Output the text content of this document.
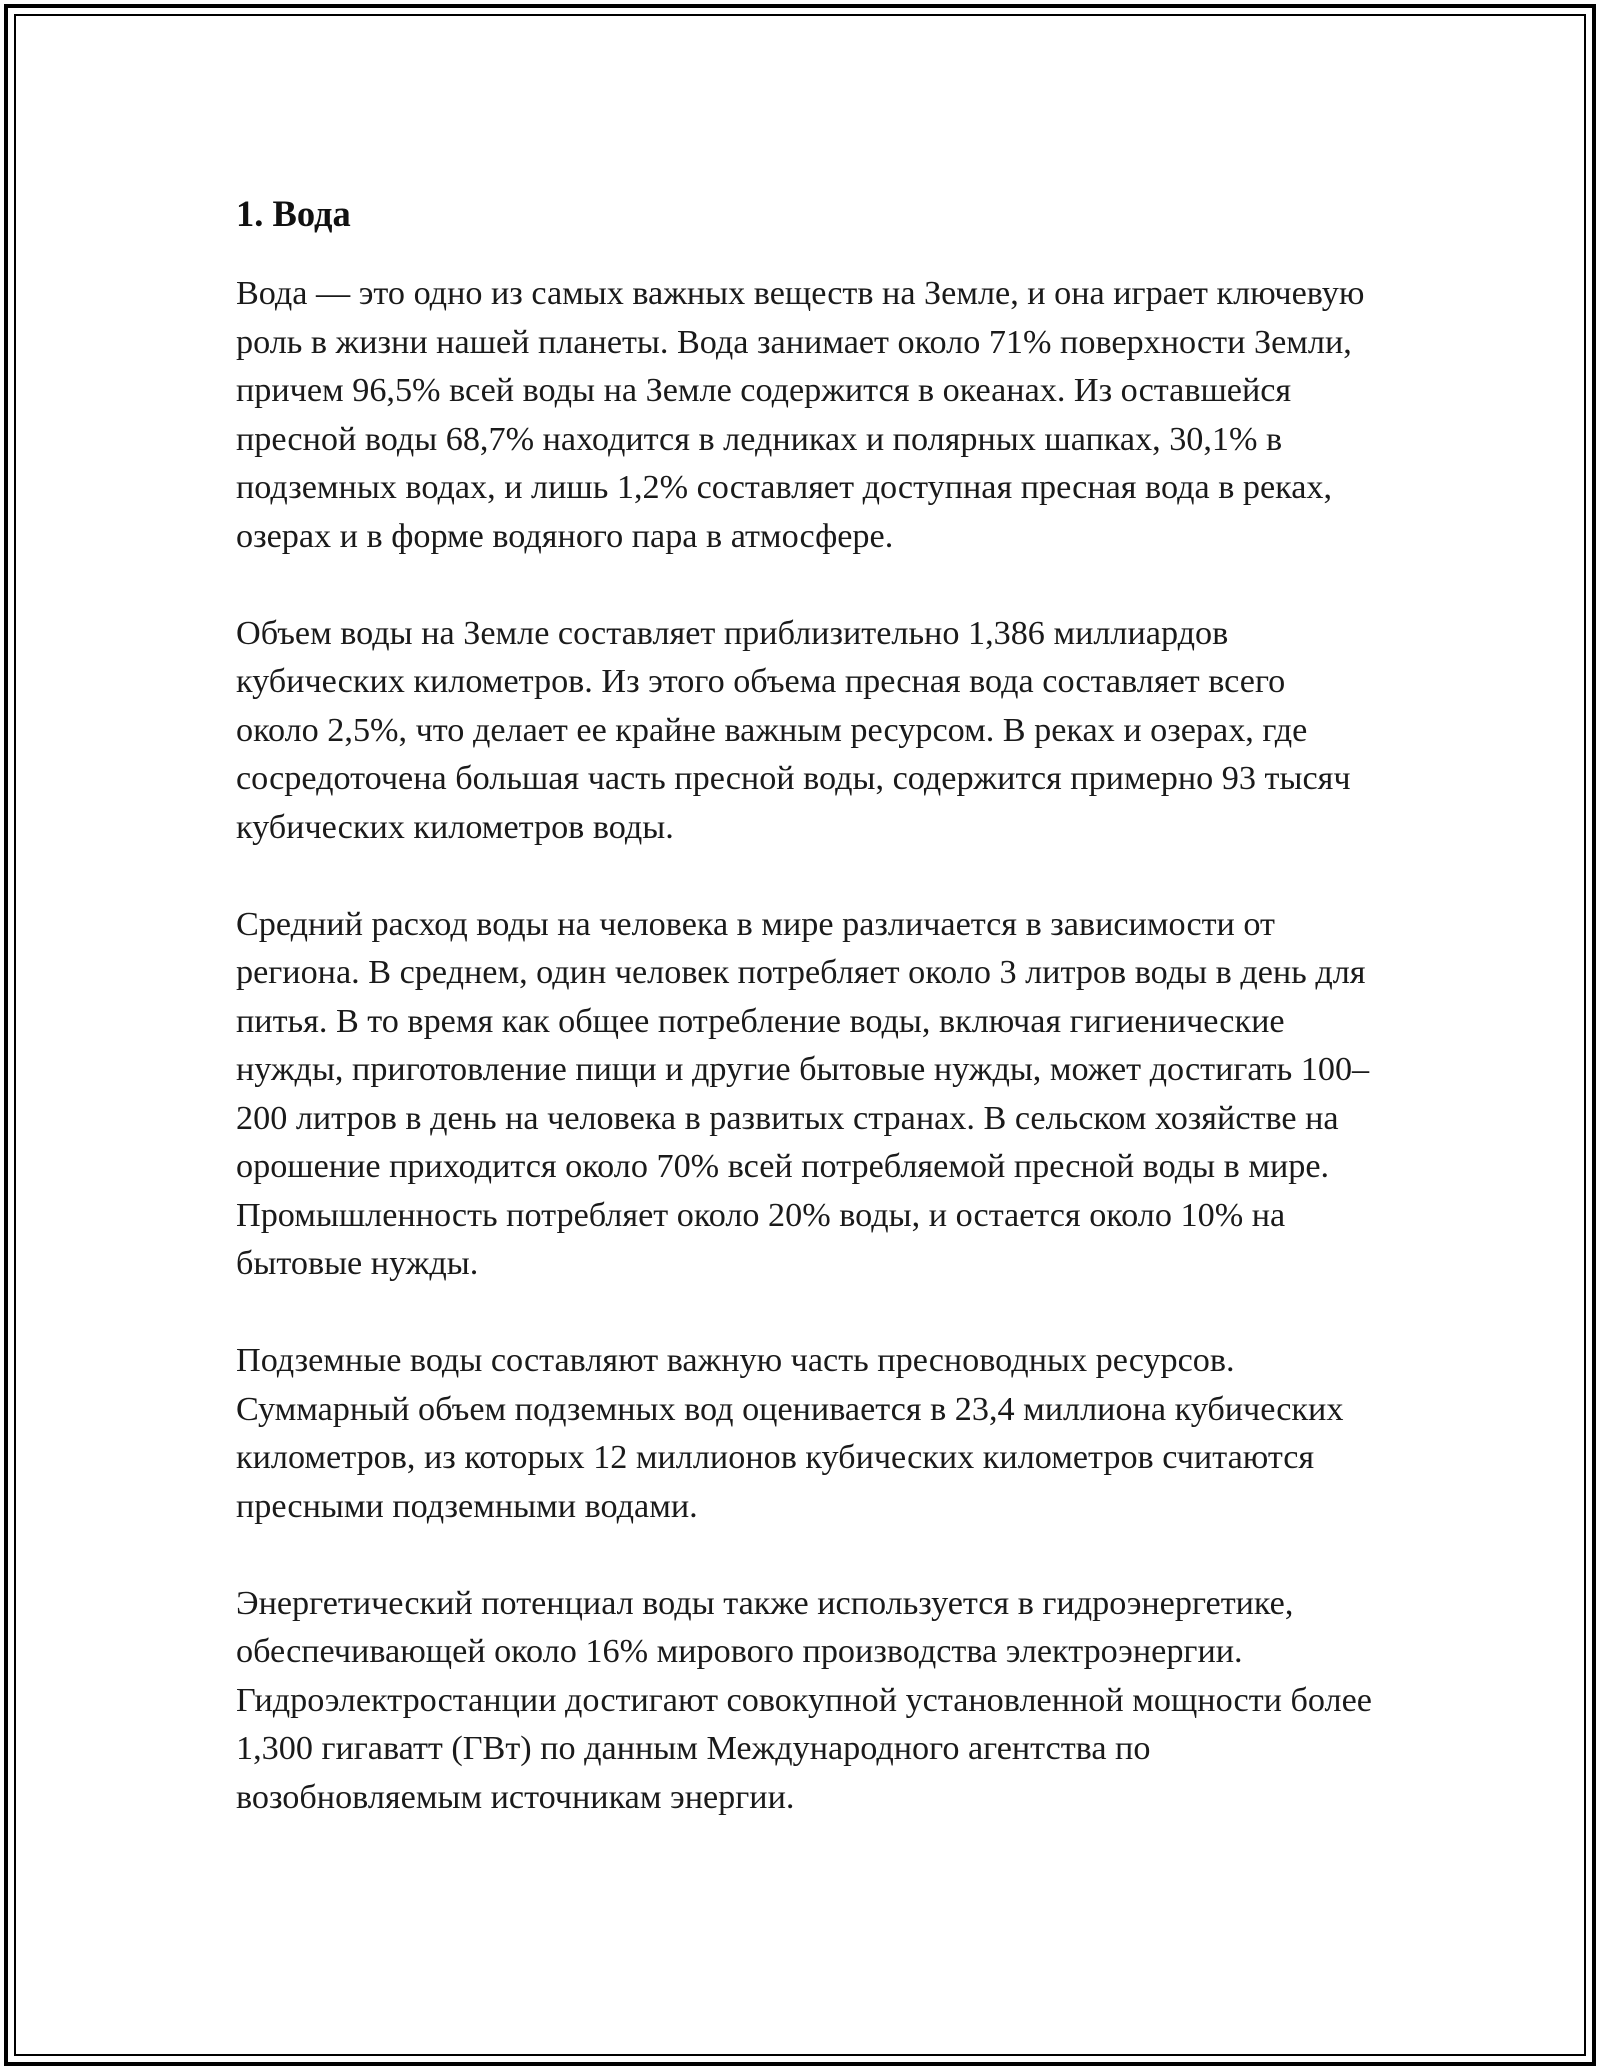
1. Вода

Вода — это одно из самых важных веществ на Земле, и она играет ключевую роль в жизни нашей планеты. Вода занимает около 71% поверхности Земли, причем 96,5% всей воды на Земле содержится в океанах. Из оставшейся пресной воды 68,7% находится в ледниках и полярных шапках, 30,1% в подземных водах, и лишь 1,2% составляет доступная пресная вода в реках, озерах и в форме водяного пара в атмосфере.

Объем воды на Земле составляет приблизительно 1,386 миллиардов кубических километров. Из этого объема пресная вода составляет всего около 2,5%, что делает ее крайне важным ресурсом. В реках и озерах, где сосредоточена большая часть пресной воды, содержится примерно 93 тысяч кубических километров воды.

Средний расход воды на человека в мире различается в зависимости от региона. В среднем, один человек потребляет около 3 литров воды в день для питья. В то время как общее потребление воды, включая гигиенические нужды, приготовление пищи и другие бытовые нужды, может достигать 100–200 литров в день на человека в развитых странах. В сельском хозяйстве на орошение приходится около 70% всей потребляемой пресной воды в мире. Промышленность потребляет около 20% воды, и остается около 10% на бытовые нужды.

Подземные воды составляют важную часть пресноводных ресурсов. Суммарный объем подземных вод оценивается в 23,4 миллиона кубических километров, из которых 12 миллионов кубических километров считаются пресными подземными водами.

Энергетический потенциал воды также используется в гидроэнергетике, обеспечивающей около 16% мирового производства электроэнергии. Гидроэлектростанции достигают совокупной установленной мощности более 1,300 гигаватт (ГВт) по данным Международного агентства по возобновляемым источникам энергии.
